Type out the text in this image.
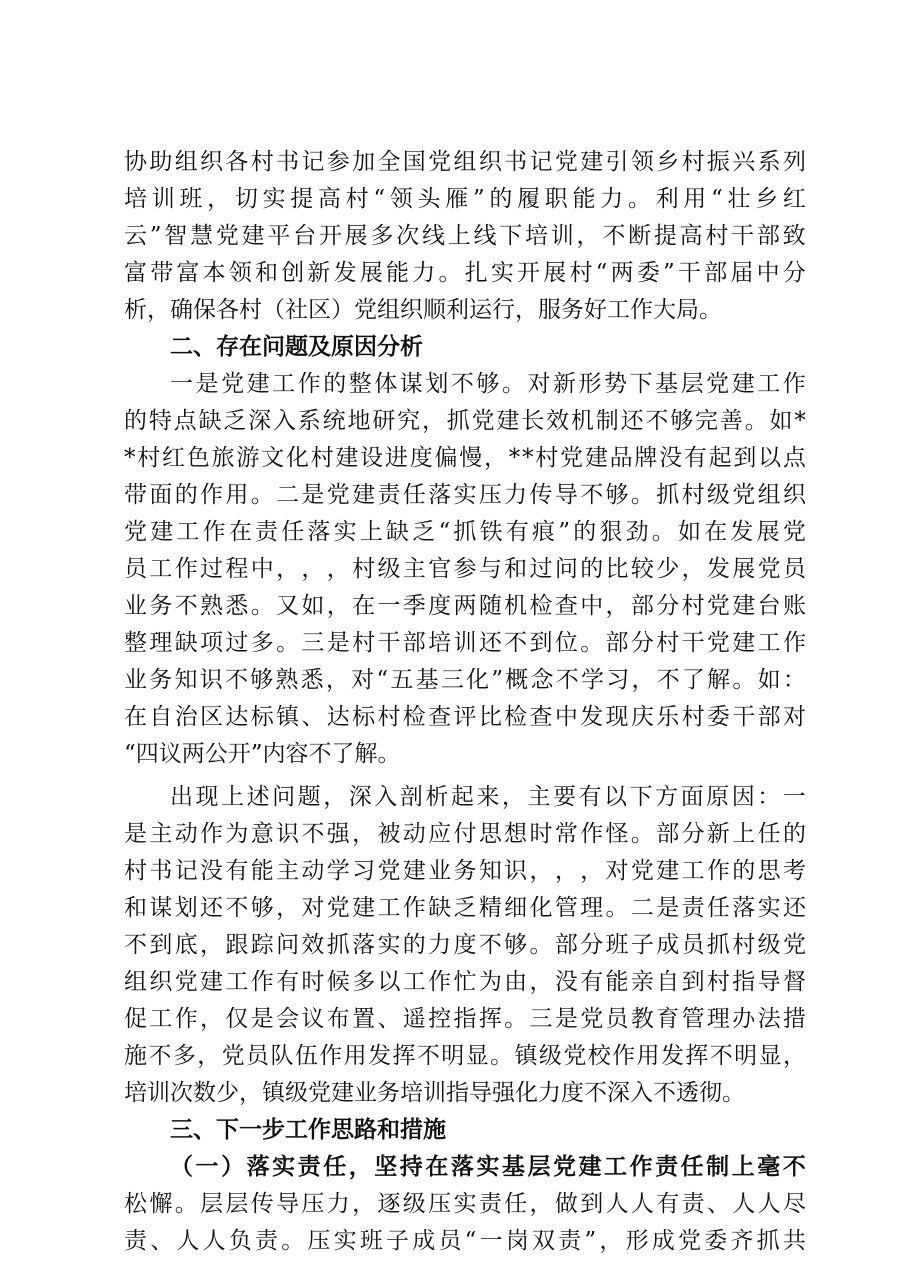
协 助 组 织 各 村 书 记 参 加 全 国 党 组 织 书 记 党 建 引 领 乡 村 振 兴 系 列
培 训 班 ， 切 实 提 高 村 “ 领 头 雁 ” 的 履 职 能 力 。 利 用 “ 壮 乡 红
云 ” 智 慧 党 建 平 台 开 展 多 次 线 上 线 下 培 训 ， 不 断 提 高 村 干 部 致
富 带 富 本 领 和 创 新 发 展 能 力 。 扎 实 开 展 村 “ 两 委 ” 干 部 届 中 分
析 ， 确 保 各 村 （ 社 区 ） 党 组 织 顺 利 运 行 ， 服 务 好 工 作 大 局 。
二、存在问题及原因分析
一 是 党 建 工 作 的 整 体 谋 划 不 够 。 对 新 形 势 下 基 层 党 建 工 作
的 特 点 缺 乏 深 入 系 统 地 研 究 ， 抓 党 建 长 效 机 制 还 不 够 完 善 。 如 *
* 村 红 色 旅 游 文 化 村 建 设 进 度 偏 慢 ， * * 村 党 建 品 牌 没 有 起 到 以 点
带 面 的 作 用 。 二 是 党 建 责 任 落 实 压 力 传 导 不 够 。 抓 村 级 党 组 织
党 建 工 作 在 责 任 落 实 上 缺 乏 “ 抓 铁 有 痕 ” 的 狠 劲 。 如 在 发 展 党
员 工 作 过 程 中 ， ， ， 村 级 主 官 参 与 和 过 问 的 比 较 少 ， 发 展 党 员
业 务 不 熟 悉 。 又 如 ， 在 一 季 度 两 随 机 检 查 中 ， 部 分 村 党 建 台 账
整 理 缺 项 过 多 。 三 是 村 干 部 培 训 还 不 到 位 。 部 分 村 干 党 建 工 作
业 务 知 识 不 够 熟 悉 ， 对 “ 五 基 三 化 ” 概 念 不 学 习 ， 不 了 解 。 如 ：
在 自 治 区 达 标 镇 、 达 标 村 检 查 评 比 检 查 中 发 现 庆 乐 村 委 干 部 对
“ 四 议 两 公 开 ” 内 容 不 了 解 。
出 现 上 述 问 题 ， 深 入 剖 析 起 来 ， 主 要 有 以 下 方 面 原 因 ： 一
是 主 动 作 为 意 识 不 强 ， 被 动 应 付 思 想 时 常 作 怪 。 部 分 新 上 任 的
村 书 记 没 有 能 主 动 学 习 党 建 业 务 知 识 ， ， ， 对 党 建 工 作 的 思 考
和 谋 划 还 不 够 ， 对 党 建 工 作 缺 乏 精 细 化 管 理 。 二 是 责 任 落 实 还
不 到 底 ， 跟 踪 问 效 抓 落 实 的 力 度 不 够 。 部 分 班 子 成 员 抓 村 级 党
组 织 党 建 工 作 有 时 候 多 以 工 作 忙 为 由 ， 没 有 能 亲 自 到 村 指 导 督
促 工 作 ， 仅 是 会 议 布 置 、 遥 控 指 挥 。 三 是 党 员 教 育 管 理 办 法 措
施 不 多 ， 党 员 队 伍 作 用 发 挥 不 明 显 。 镇 级 党 校 作 用 发 挥 不 明 显 ，
培 训 次 数 少 ， 镇 级 党 建 业 务 培 训 指 导 强 化 力 度 不 深 入 不 透 彻 。
三、下一步工作思路和措施
（ 一 ） 落 实 责 任 ， 坚 持 在 落 实 基 层 党 建 工 作 责 任 制 上 毫 不
松 懈 。 层 层 传 导 压 力 ， 逐 级 压 实 责 任 ， 做 到 人 人 有 责 、 人 人 尽
责 、 人 人 负 责 。 压 实 班 子 成 员 “ 一 岗 双 责 ” ， 形 成 党 委 齐 抓 共
